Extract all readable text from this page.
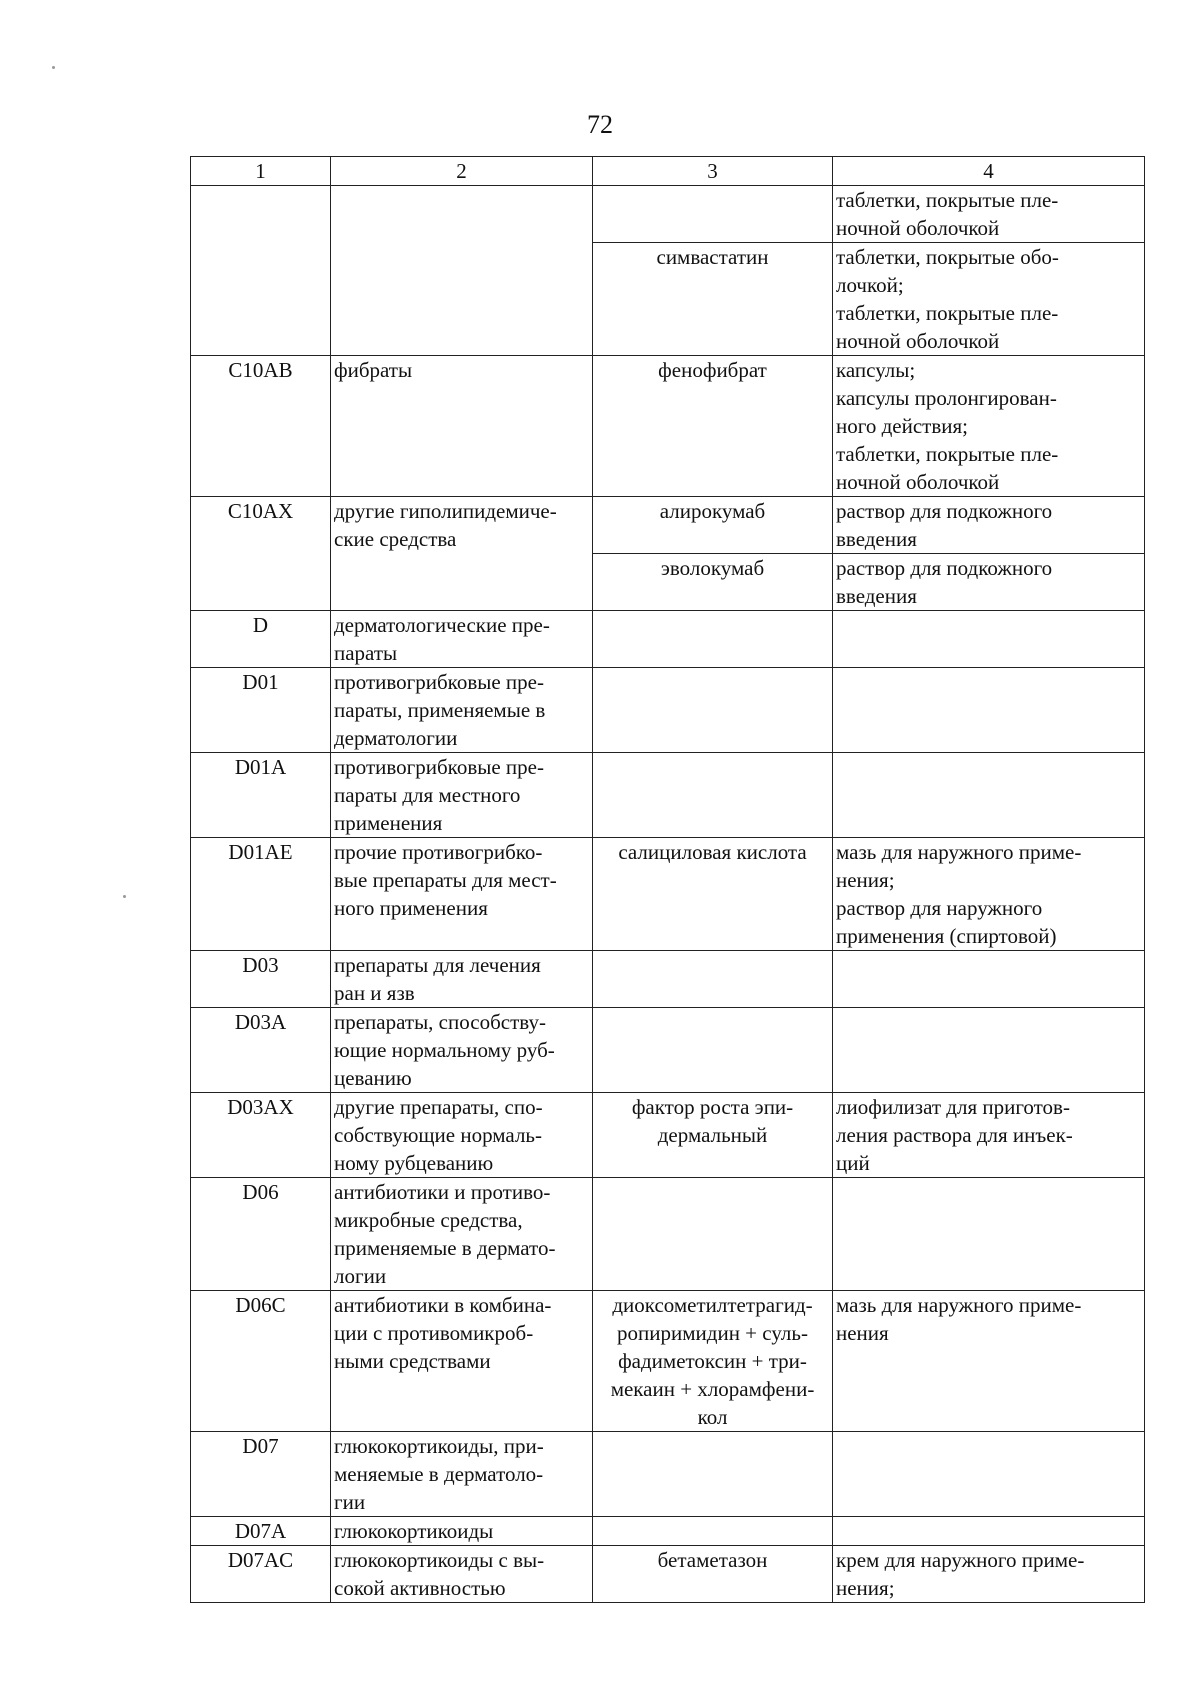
72
1	2	3	4

			таблетки, покрытые пле-
ночной оболочкой

		симвастатин	таблетки, покрытые обо-
лочкой;
таблетки, покрытые пле-
ночной оболочкой

C10AB	фибраты	фенофибрат	капсулы;
капсулы пролонгирован-
ного действия;
таблетки, покрытые пле-
ночной оболочкой

C10AX	другие гиполипидемиче-
ские средства	алирокумаб	раствор для подкожного
введения

		эволокумаб	раствор для подкожного
введения

D	дерматологические пре-
параты		

D01	противогрибковые пре-
параты, применяемые в
дерматологии		

D01A	противогрибковые пре-
параты для местного
применения		

D01AE	прочие противогрибко-
вые препараты для мест-
ного применения	салициловая кислота	мазь для наружного приме-
нения;
раствор для наружного
применения (спиртовой)

D03	препараты для лечения
ран и язв		

D03A	препараты, способству-
ющие нормальному руб-
цеванию		

D03AX	другие препараты, спо-
собствующие нормаль-
ному рубцеванию	фактор роста эпи-
дермальный	лиофилизат для приготов-
ления раствора для инъек-
ций

D06	антибиотики и противо-
микробные средства,
применяемые в дермато-
логии		

D06C	антибиотики в комбина-
ции с противомикроб-
ными средствами	диоксометилтетрагид-
ропиримидин + суль-
фадиметоксин + три-
мекаин + хлорамфени-
кол	мазь для наружного приме-
нения

D07	глюкокортикоиды, при-
меняемые в дерматоло-
гии		

D07A	глюкокортикоиды		

D07AC	глюкокортикоиды с вы-
сокой активностью	бетаметазон	крем для наружного приме-
нения;
